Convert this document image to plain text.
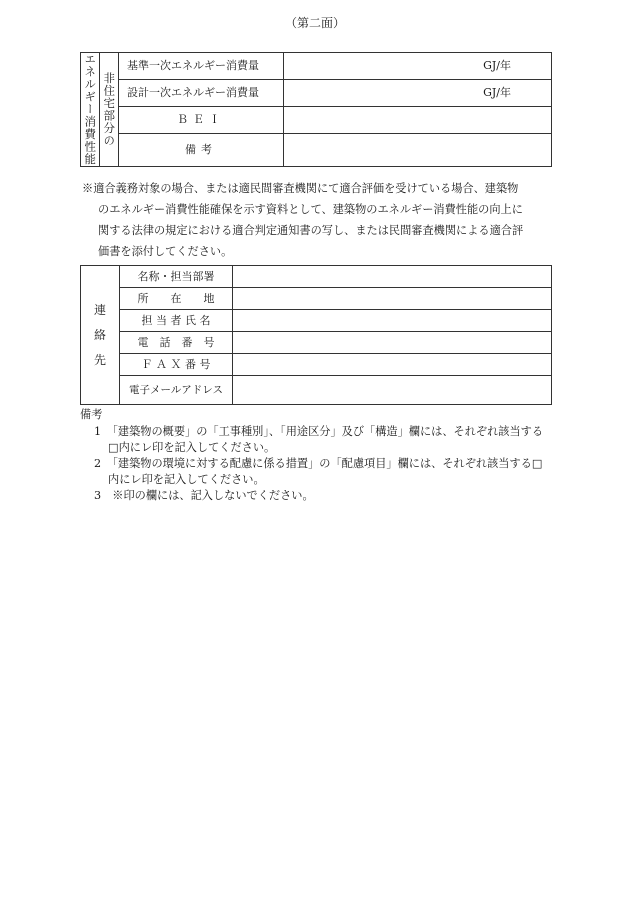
（第二面）
エネルギー消費性能	非住宅部分の	基準一次エネルギー消費量	GJ/年
		設計一次エネルギー消費量	GJ/年
		ＢＥＩ	
		備考	
※適合義務対象の場合、または適民間審査機関にて適合評価を受けている場合、建築物
のエネルギー消費性能確保を示す資料として、建築物のエネルギー消費性能の向上に
関する法律の規定における適合判定通知書の写し、または民間審査機関による適合評
価書を添付してください。
連
絡
先	名称・担当部署	
	所　　在　　地	
	担 当 者 氏 名	
	電　話　番　号	
	Ｆ Ａ Ｘ 番 号	
	電子メールアドレス	
備考
1　「建築物の概要」の「工事種別」、「用途区分」及び「構造」欄には、それぞれ該当する□内にレ印を記入してください。
2　「建築物の環境に対する配慮に係る措置」の「配慮項目」欄には、それぞれ該当する□内にレ印を記入してください。
3　※印の欄には、記入しないでください。
